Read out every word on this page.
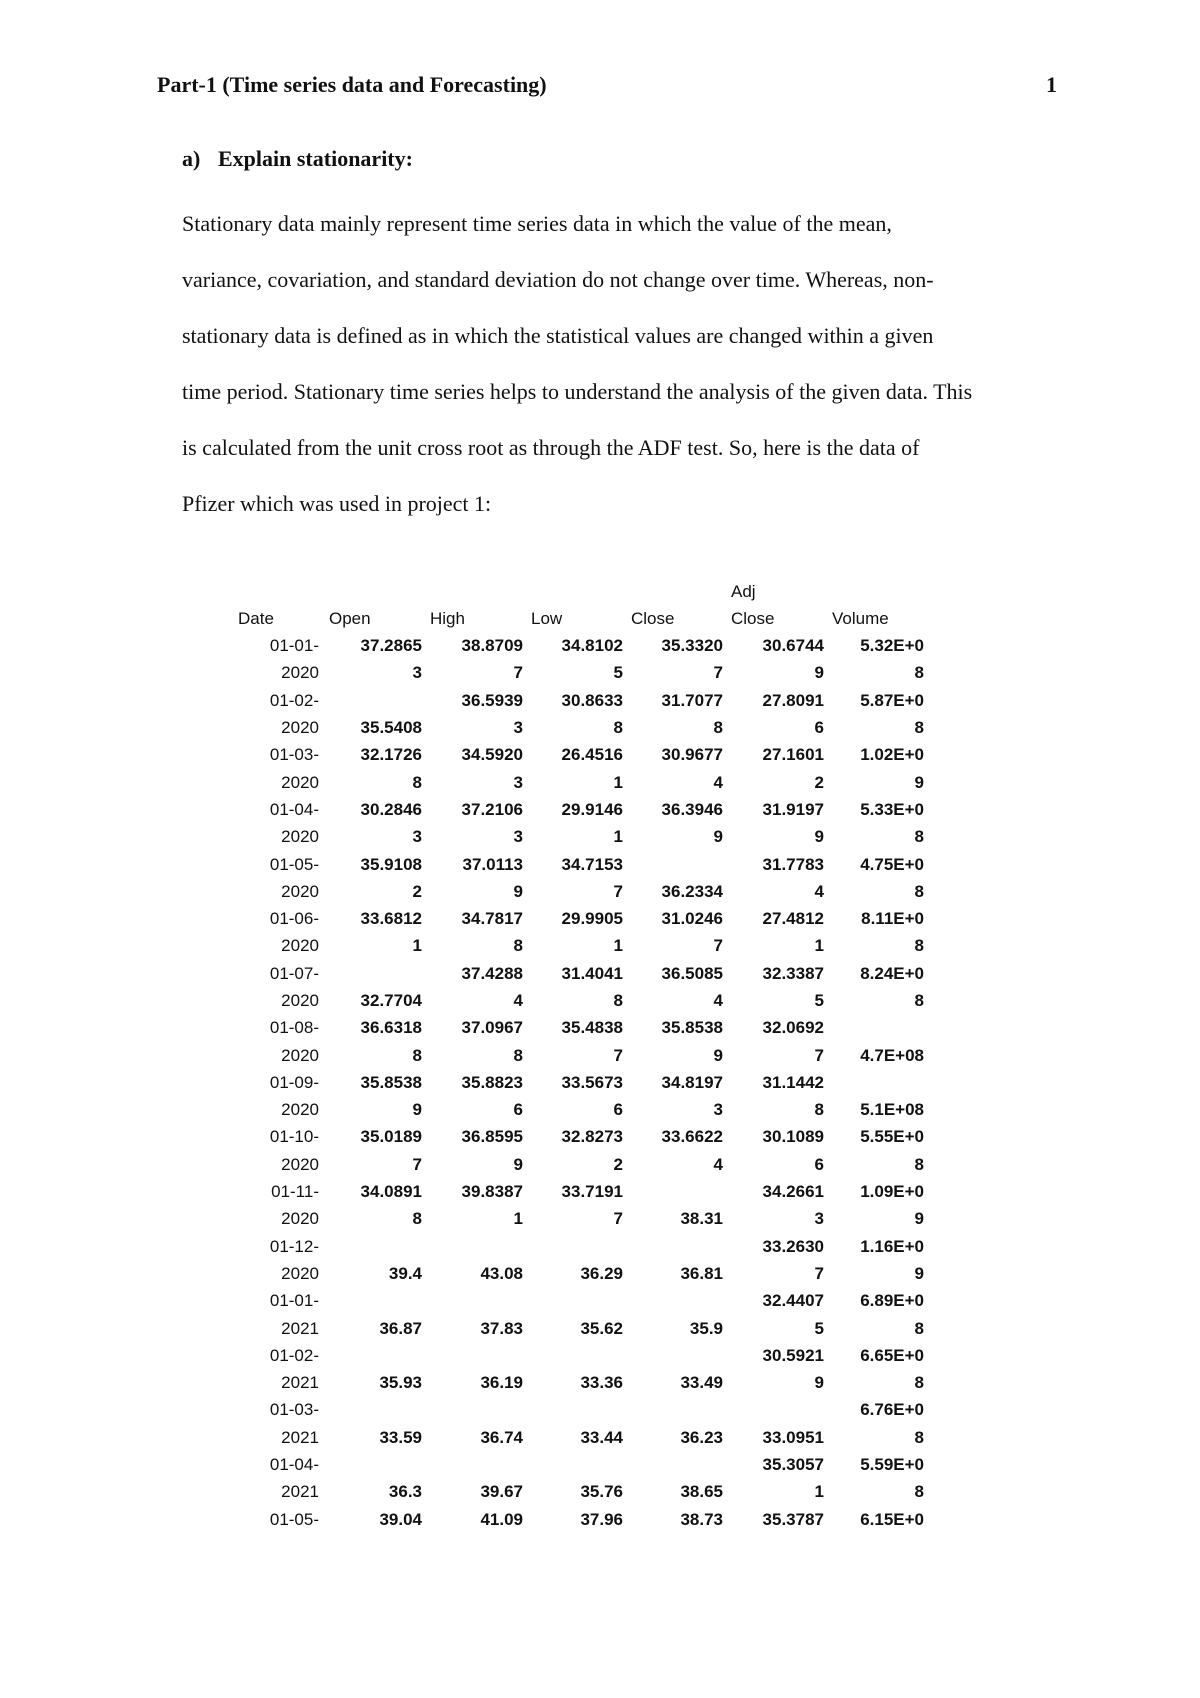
Part-1 (Time series data and Forecasting)	1
a) Explain stationarity:
Stationary data mainly represent time series data in which the value of the mean,
variance, covariation, and standard deviation do not change over time. Whereas, non-
stationary data is defined as in which the statistical values are changed within a given
time period. Stationary time series helps to understand the analysis of the given data. This
is calculated from the unit cross root as through the ADF test. So, here is the data of
Pfizer which was used in project 1:
Date	Open	High	Low	Close	Adj
Close	Volume
01-01-	37.2865	38.8709	34.8102	35.3320	30.6744	5.32E+0
2020	3	7	5	7	9	8
01-02-		36.5939	30.8633	31.7077	27.8091	5.87E+0
2020	35.5408	3	8	8	6	8
01-03-	32.1726	34.5920	26.4516	30.9677	27.1601	1.02E+0
2020	8	3	1	4	2	9
01-04-	30.2846	37.2106	29.9146	36.3946	31.9197	5.33E+0
2020	3	3	1	9	9	8
01-05-	35.9108	37.0113	34.7153		31.7783	4.75E+0
2020	2	9	7	36.2334	4	8
01-06-	33.6812	34.7817	29.9905	31.0246	27.4812	8.11E+0
2020	1	8	1	7	1	8
01-07-		37.4288	31.4041	36.5085	32.3387	8.24E+0
2020	32.7704	4	8	4	5	8
01-08-	36.6318	37.0967	35.4838	35.8538	32.0692	
2020	8	8	7	9	7	4.7E+08
01-09-	35.8538	35.8823	33.5673	34.8197	31.1442	
2020	9	6	6	3	8	5.1E+08
01-10-	35.0189	36.8595	32.8273	33.6622	30.1089	5.55E+0
2020	7	9	2	4	6	8
01-11-	34.0891	39.8387	33.7191		34.2661	1.09E+0
2020	8	1	7	38.31	3	9
01-12-					33.2630	1.16E+0
2020	39.4	43.08	36.29	36.81	7	9
01-01-					32.4407	6.89E+0
2021	36.87	37.83	35.62	35.9	5	8
01-02-					30.5921	6.65E+0
2021	35.93	36.19	33.36	33.49	9	8
01-03-						6.76E+0
2021	33.59	36.74	33.44	36.23	33.0951	8
01-04-					35.3057	5.59E+0
2021	36.3	39.67	35.76	38.65	1	8
01-05-	39.04	41.09	37.96	38.73	35.3787	6.15E+0
